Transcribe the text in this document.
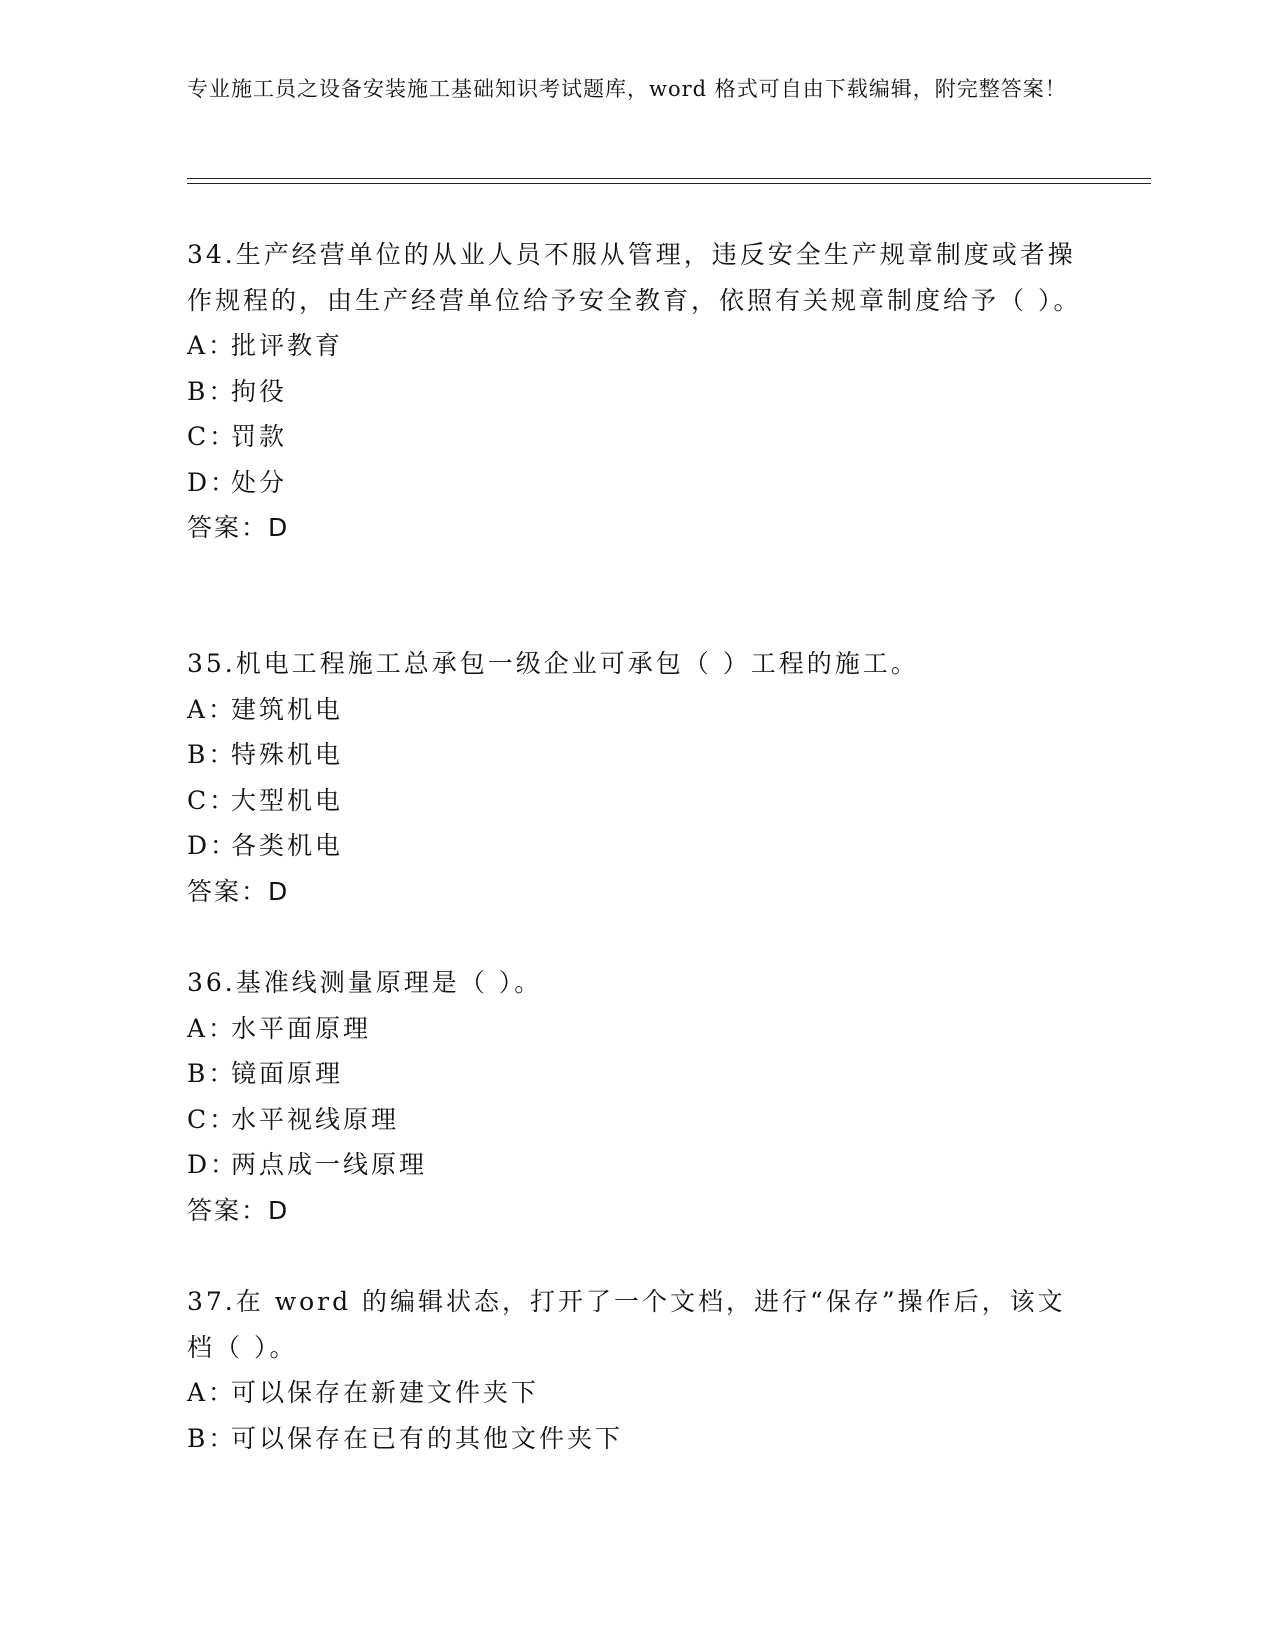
专业施工员之设备安装施工基础知识考试题库，word 格式可自由下载编辑，附完整答案！

34.生产经营单位的从业人员不服从管理，违反安全生产规章制度或者操作规程的，由生产经营单位给予安全教育，依照有关规章制度给予（ ）。

A：批评教育

B：拘役

C：罚款

D：处分

答案：D

35.机电工程施工总承包一级企业可承包（ ）工程的施工。

A：建筑机电

B：特殊机电

C：大型机电

D：各类机电

答案：D

36.基准线测量原理是（ ）。

A：水平面原理

B：镜面原理

C：水平视线原理

D：两点成一线原理

答案：D

37.在 word 的编辑状态，打开了一个文档，进行“保存”操作后，该文档（ ）。

A：可以保存在新建文件夹下

B：可以保存在已有的其他文件夹下
